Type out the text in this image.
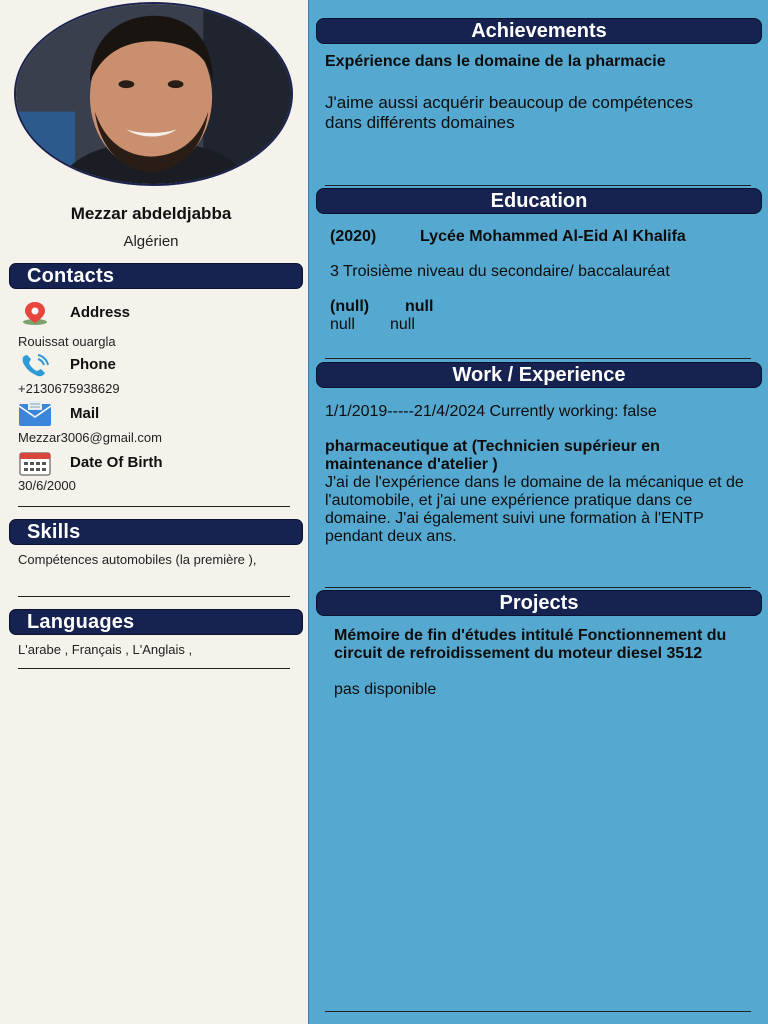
Mezzar abdeldjabba
Algérien
Contacts
Address
Rouissat ouargla
Phone
+2130675938629
Mail
Mezzar3006@gmail.com
Date Of Birth
30/6/2000
Skills
Compétences automobiles (la première ),
Languages
L'arabe , Français , L'Anglais ,
Achievements
Expérience dans le domaine de la pharmacie
J'aime aussi acquérir beaucoup de compétences dans différents domaines
Education
(2020)	Lycée Mohammed Al-Eid Al Khalifa
3 Troisième niveau du secondaire/ baccalauréat
(null) null
null null
Work / Experience
1/1/2019-----21/4/2024 Currently working: false
pharmaceutique at (Technicien supérieur en maintenance d'atelier )
J'ai de l'expérience dans le domaine de la mécanique et de l'automobile, et j'ai une expérience pratique dans ce domaine. J'ai également suivi une formation à l'ENTP pendant deux ans.
Projects
Mémoire de fin d'études intitulé Fonctionnement du circuit de refroidissement du moteur diesel 3512
pas disponible
